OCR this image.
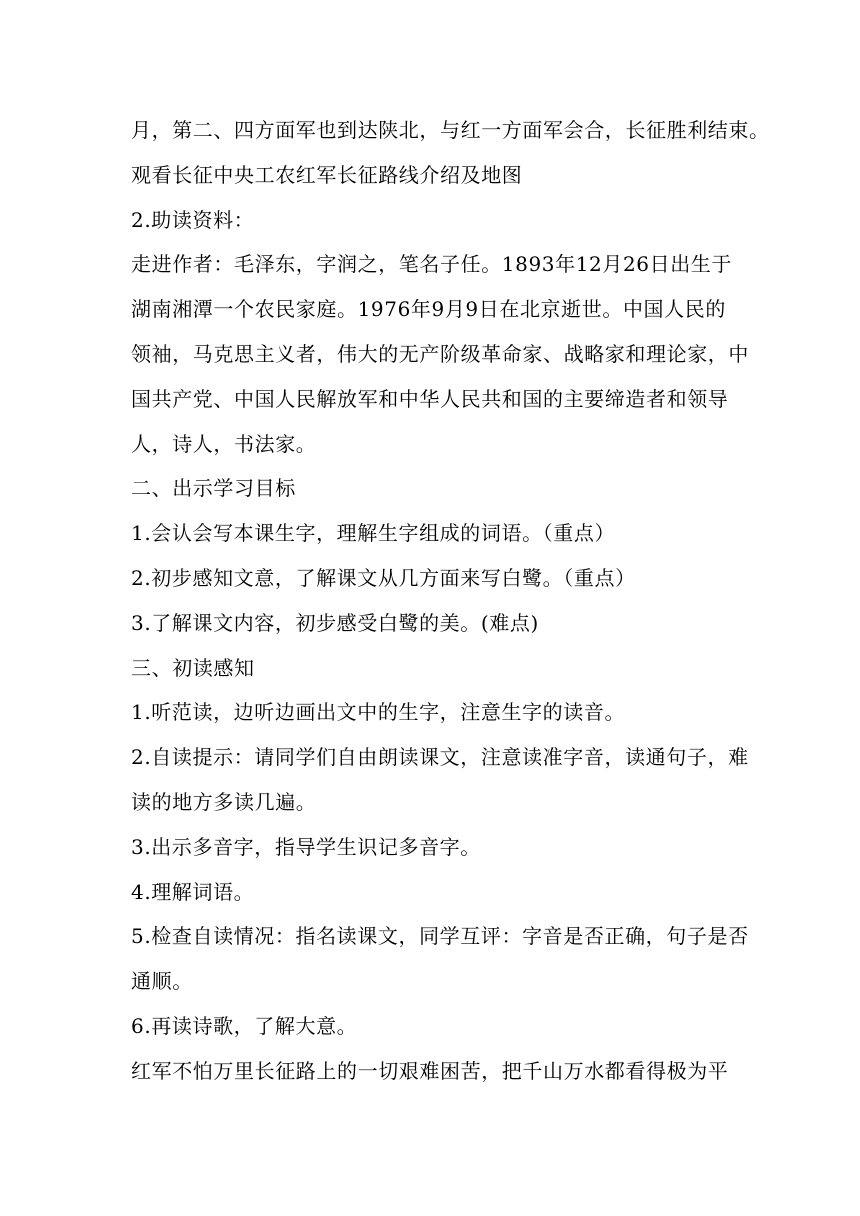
月，第二、四方面军也到达陕北，与红一方面军会合，长征胜利结束。
观看长征中央工农红军长征路线介绍及地图
2.助读资料：
走进作者：毛泽东，字润之，笔名子任。1893年12月26日出生于
湖南湘潭一个农民家庭。1976年9月9日在北京逝世。中国人民的
领袖，马克思主义者，伟大的无产阶级革命家、战略家和理论家，中
国共产党、中国人民解放军和中华人民共和国的主要缔造者和领导
人，诗人，书法家。
二、出示学习目标
1.会认会写本课生字，理解生字组成的词语。（重点）
2.初步感知文意，了解课文从几方面来写白鹭。（重点）
3.了解课文内容，初步感受白鹭的美。(难点)
三、初读感知
1.听范读，边听边画出文中的生字，注意生字的读音。
2.自读提示：请同学们自由朗读课文，注意读准字音，读通句子，难
读的地方多读几遍。
3.出示多音字，指导学生识记多音字。
4.理解词语。
5.检查自读情况：指名读课文，同学互评：字音是否正确，句子是否
通顺。
6.再读诗歌，了解大意。
红军不怕万里长征路上的一切艰难困苦，把千山万水都看得极为平
